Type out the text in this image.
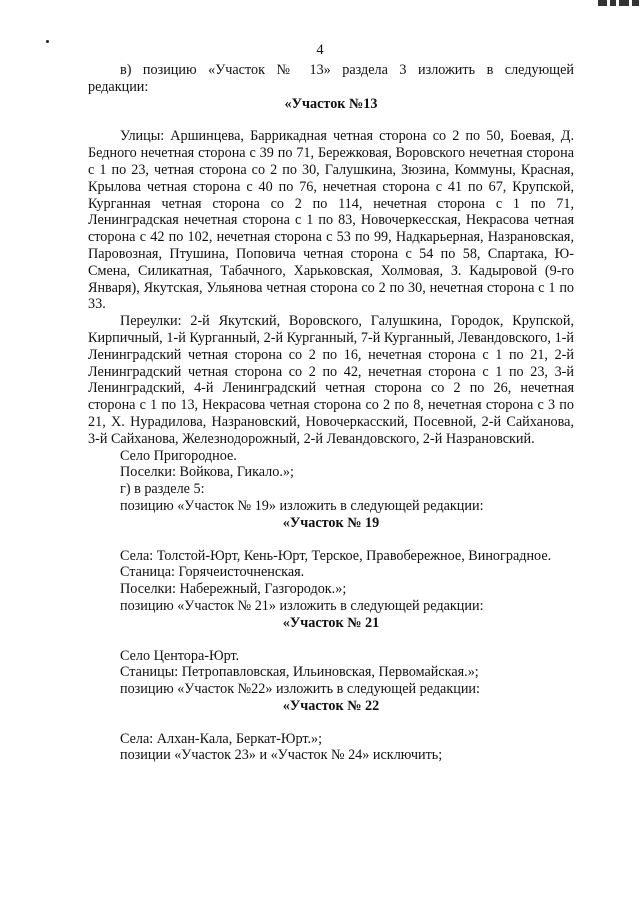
4

в) позицию «Участок № 13» раздела 3 изложить в следующей

редакции:

«Участок №13

Улицы: Аршинцева, Баррикадная четная сторона со 2 по 50, Боевая, Д. Бедного нечетная сторона с 39 по 71, Бережковая, Воровского нечетная сторона с 1 по 23, четная сторона со 2 по 30, Галушкина, Зюзина, Коммуны, Красная, Крылова четная сторона с 40 по 76, нечетная сторона с 41 по 67, Крупской, Курганная четная сторона со 2 по 114, нечетная сторона с 1 по 71, Ленинградская нечетная сторона с 1 по 83, Новочеркесская, Некрасова четная сторона с 42 по 102, нечетная сторона с 53 по 99, Надкарьерная, Назрановская, Паровозная, Птушина, Поповича четная сторона с 54 по 58, Спартака, Ю-Смена, Силикатная, Табачного, Харьковская, Холмовая, З. Кадыровой (9-го Января), Якутская, Ульянова четная сторона со 2 по 30, нечетная сторона с 1 по 33.

Переулки: 2-й Якутский, Воровского, Галушкина, Городок, Крупской, Кирпичный, 1-й Курганный, 2-й Курганный, 7-й Курганный, Левандовского, 1-й Ленинградский четная сторона со 2 по 16, нечетная сторона с 1 по 21, 2-й Ленинградский четная сторона со 2 по 42, нечетная сторона с 1 по 23, 3-й Ленинградский, 4-й Ленинградский четная сторона со 2 по 26, нечетная сторона с 1 по 13, Некрасова четная сторона со 2 по 8, нечетная сторона с 3 по 21, Х. Нурадилова, Назрановский, Новочеркасский, Посевной, 2-й Сайханова, 3-й Сайханова, Железнодорожный, 2-й Левандовского, 2-й Назрановский.

Село Пригородное.

Поселки: Войкова, Гикало.»;

г) в разделе 5:

позицию «Участок № 19» изложить в следующей редакции:

«Участок № 19

Села: Толстой-Юрт, Кень-Юрт, Терское, Правобережное, Виноградное.

Станица: Горячеисточненская.

Поселки: Набережный, Газгородок.»;

позицию «Участок № 21» изложить в следующей редакции:

«Участок № 21

Село Центора-Юрт.

Станицы: Петропавловская, Ильиновская, Первомайская.»;

позицию «Участок №22» изложить в следующей редакции:

«Участок № 22

Села: Алхан-Кала, Беркат-Юрт.»;

позиции «Участок 23» и «Участок № 24» исключить;
